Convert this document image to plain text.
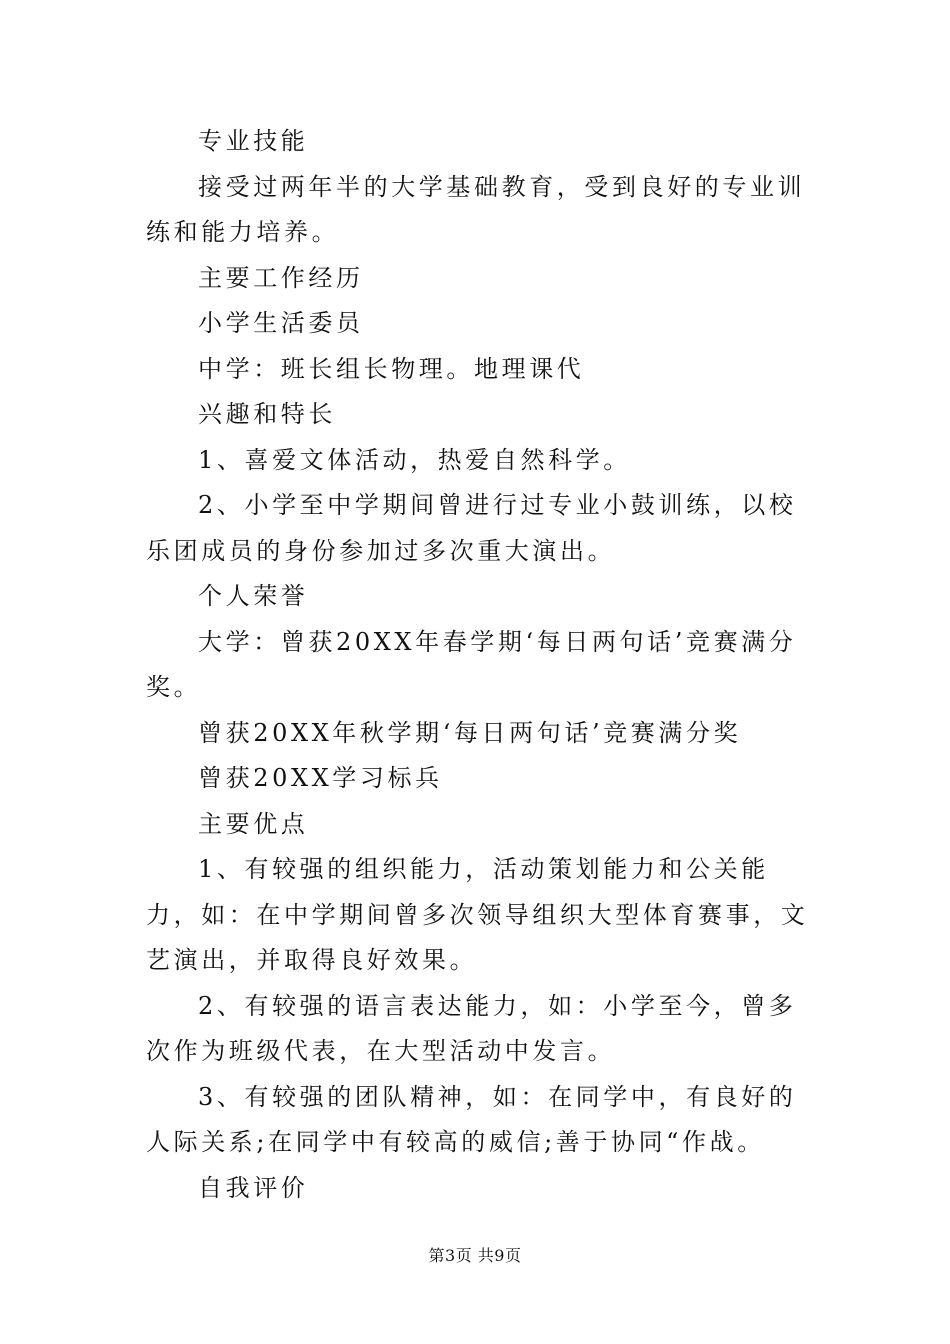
专业技能

接受过两年半的大学基础教育，受到良好的专业训练和能力培养。

主要工作经历

小学生活委员

中学：班长组长物理。地理课代

兴趣和特长

1、喜爱文体活动，热爱自然科学。

2、小学至中学期间曾进行过专业小鼓训练，以校乐团成员的身份参加过多次重大演出。

个人荣誉

大学：曾获20XX年春学期‘每日两句话’竞赛满分奖。

曾获20XX年秋学期‘每日两句话’竞赛满分奖

曾获20XX学习标兵

主要优点

1、有较强的组织能力，活动策划能力和公关能力，如：在中学期间曾多次领导组织大型体育赛事，文艺演出，并取得良好效果。

2、有较强的语言表达能力，如：小学至今，曾多次作为班级代表，在大型活动中发言。

3、有较强的团队精神，如：在同学中，有良好的人际关系;在同学中有较高的威信;善于协同“作战。

自我评价

第3页 共9页
